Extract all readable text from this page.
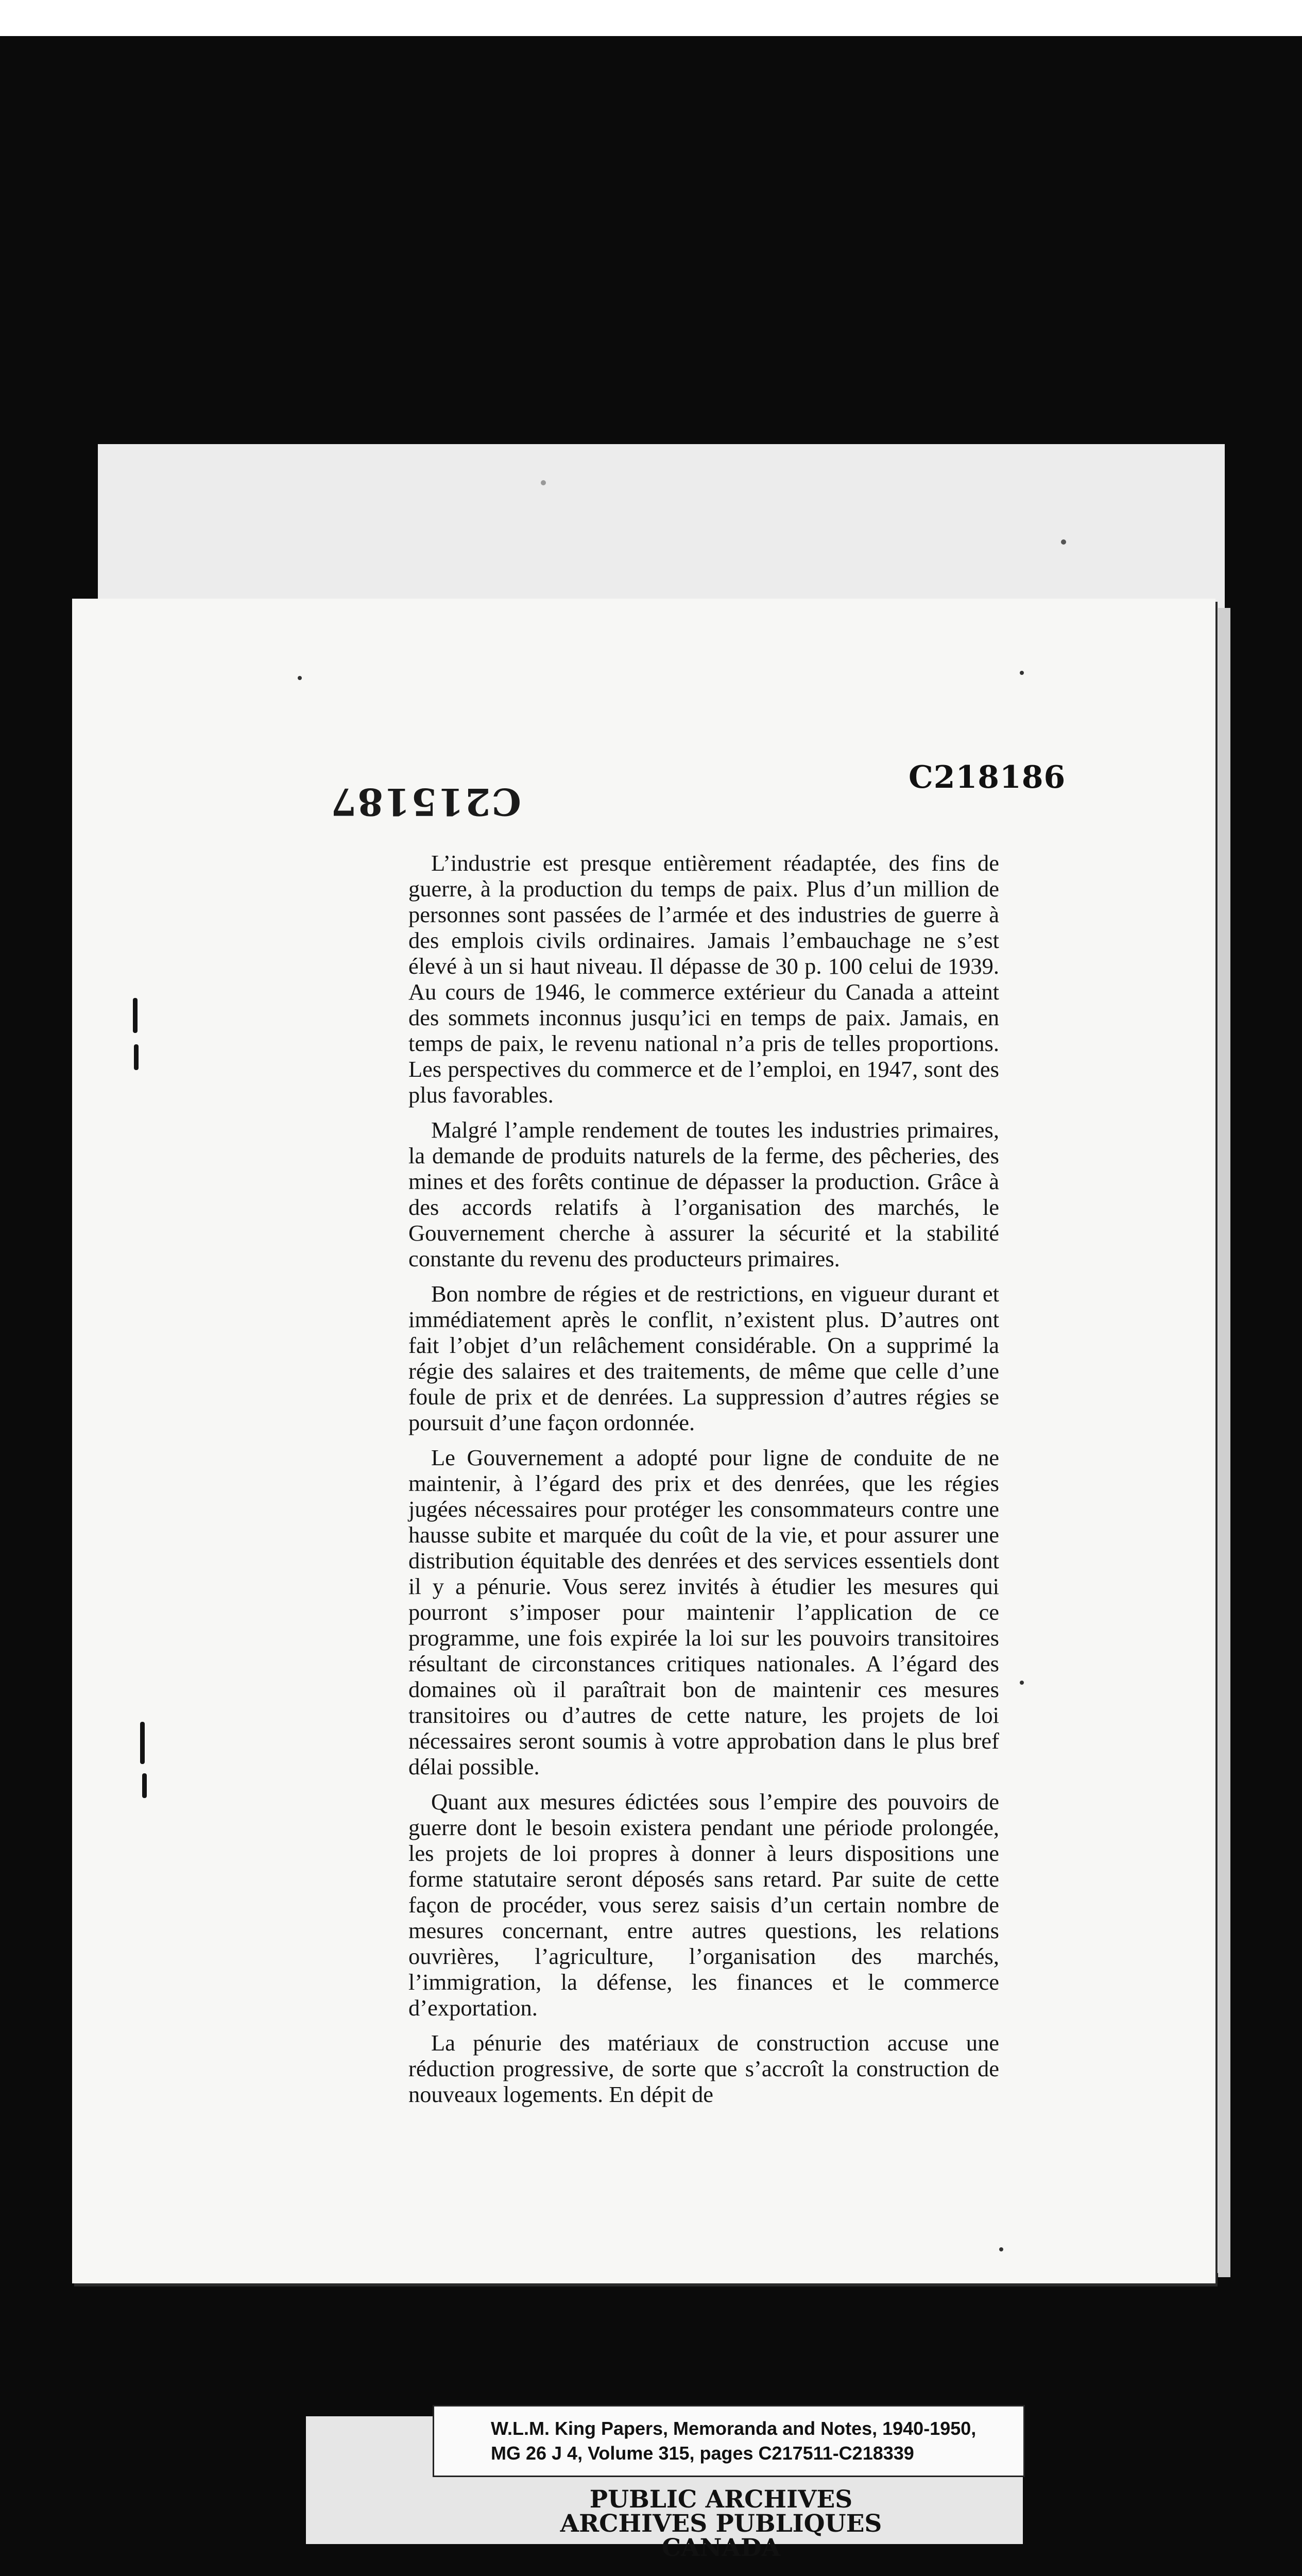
C215187
C218186

L’industrie est presque entièrement réadaptée, des fins de guerre, à la production du temps de paix. Plus d’un million de personnes sont passées de l’armée et des industries de guerre à des emplois civils ordinaires. Jamais l’embauchage ne s’est élevé à un si haut niveau. Il dépasse de 30 p. 100 celui de 1939. Au cours de 1946, le commerce extérieur du Canada a atteint des sommets inconnus jusqu’ici en temps de paix. Jamais, en temps de paix, le revenu national n’a pris de telles proportions. Les perspectives du commerce et de l’emploi, en 1947, sont des plus favorables.

Malgré l’ample rendement de toutes les industries primaires, la demande de produits naturels de la ferme, des pêcheries, des mines et des forêts continue de dépasser la production. Grâce à des accords relatifs à l’organisation des marchés, le Gouvernement cherche à assurer la sécurité et la stabilité constante du revenu des producteurs primaires.

Bon nombre de régies et de restrictions, en vigueur durant et immédiatement après le conflit, n’existent plus. D’autres ont fait l’objet d’un relâchement considérable. On a supprimé la régie des salaires et des traitements, de même que celle d’une foule de prix et de denrées. La suppression d’autres régies se poursuit d’une façon ordonnée.

Le Gouvernement a adopté pour ligne de conduite de ne maintenir, à l’égard des prix et des denrées, que les régies jugées nécessaires pour protéger les consommateurs contre une hausse subite et marquée du coût de la vie, et pour assurer une distribution équitable des denrées et des services essentiels dont il y a pénurie. Vous serez invités à étudier les mesures qui pourront s’imposer pour maintenir l’application de ce programme, une fois expirée la loi sur les pouvoirs transitoires résultant de circonstances critiques nationales. A l’égard des domaines où il paraîtrait bon de maintenir ces mesures transitoires ou d’autres de cette nature, les projets de loi nécessaires seront soumis à votre approbation dans le plus bref délai possible.

Quant aux mesures édictées sous l’empire des pouvoirs de guerre dont le besoin existera pendant une période prolongée, les projets de loi propres à donner à leurs dispositions une forme statutaire seront déposés sans retard. Par suite de cette façon de procéder, vous serez saisis d’un certain nombre de mesures concernant, entre autres questions, les relations ouvrières, l’agriculture, l’organisation des marchés, l’immigration, la défense, les finances et le commerce d’exportation.

La pénurie des matériaux de construction accuse une réduction progressive, de sorte que s’accroît la construction de nouveaux logements. En dépit de

W.L.M. King Papers, Memoranda and Notes, 1940-1950,
MG 26 J 4, Volume 315, pages C217511-C218339
PUBLIC ARCHIVES
ARCHIVES PUBLIQUES
CANADA
